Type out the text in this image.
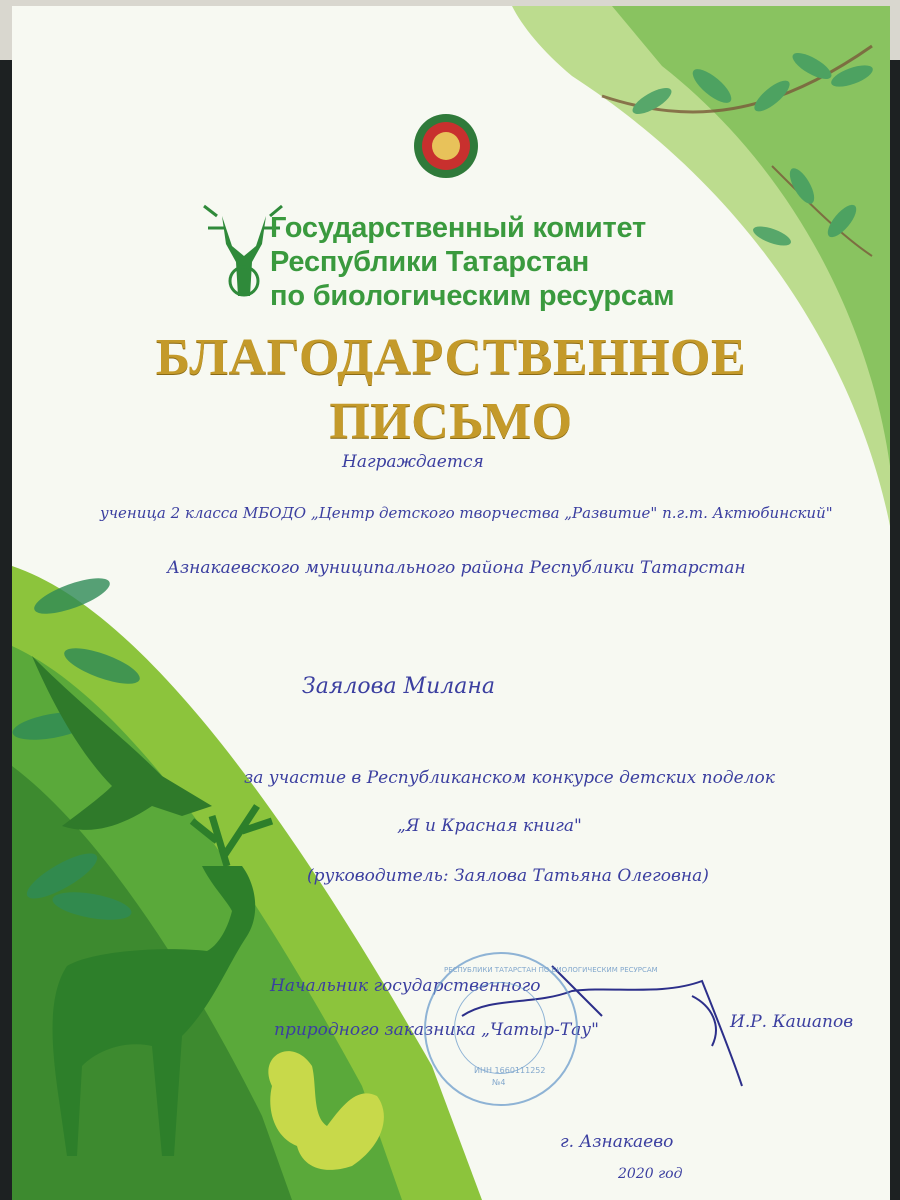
Государственный комитет
Республики Татарстан
по биологическим ресурсам
БЛАГОДАРСТВЕННОЕ
ПИСЬМО
Награждается
ученица 2 класса МБОДО „Центр детского творчества „Развитие" п.г.т. Актюбинский"
Азнакаевского муниципального района Республики Татарстан
Заялова Милана
за участие в Республиканском конкурсе детских поделок
„Я и Красная книга"
(руководитель: Заялова Татьяна Олеговна)
Начальник государственного
природного заказника „Чатыр-Тау"	И.Р. Кашапов
г. Азнакаево
2020 год
РЕСПУБЛИКИ ТАТАРСТАН ПО БИОЛОГИЧЕСКИМ РЕСУРСАМ
ИНН 1660111252
№4
